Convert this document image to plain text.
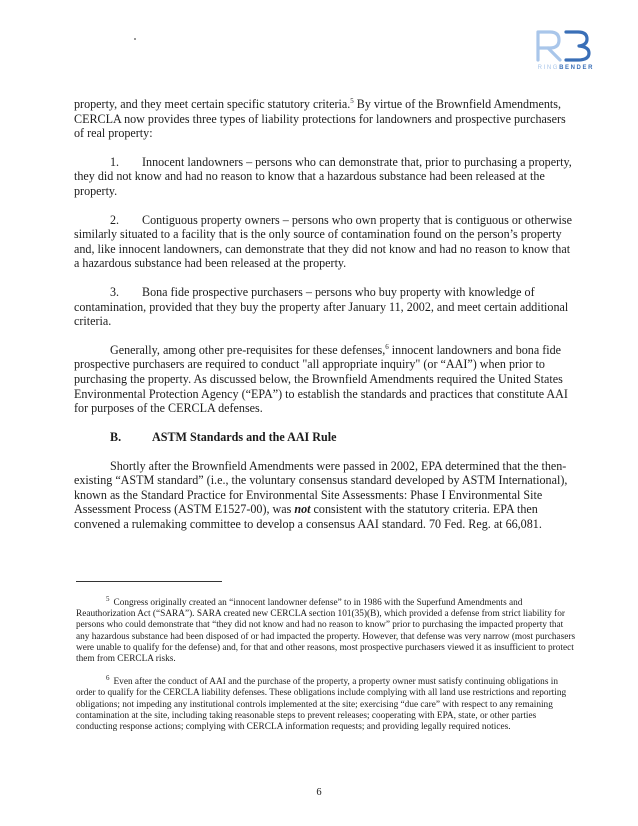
RINGBENDER

property, and they meet certain specific statutory criteria.$^5$ By virtue of the Brownfield Amendments, CERCLA now provides three types of liability protections for landowners and prospective purchasers of real property:

1. Innocent landowners – persons who can demonstrate that, prior to purchasing a property, they did not know and had no reason to know that a hazardous substance had been released at the property.

2. Contiguous property owners – persons who own property that is contiguous or otherwise similarly situated to a facility that is the only source of contamination found on the person’s property and, like innocent landowners, can demonstrate that they did not know and had no reason to know that a hazardous substance had been released at the property.

3. Bona fide prospective purchasers – persons who buy property with knowledge of contamination, provided that they buy the property after January 11, 2002, and meet certain additional criteria.

Generally, among other pre-requisites for these defenses,$^6$ innocent landowners and bona fide prospective purchasers are required to conduct "all appropriate inquiry" (or “AAI”) when prior to purchasing the property. As discussed below, the Brownfield Amendments required the United States Environmental Protection Agency (“EPA”) to establish the standards and practices that constitute AAI for purposes of the CERCLA defenses.

B.	ASTM Standards and the AAI Rule

Shortly after the Brownfield Amendments were passed in 2002, EPA determined that the then-existing “ASTM standard” (i.e., the voluntary consensus standard developed by ASTM International), known as the Standard Practice for Environmental Site Assessments: Phase I Environmental Site Assessment Process (ASTM E1527-00), was not consistent with the statutory criteria. EPA then convened a rulemaking committee to develop a consensus AAI standard. 70 Fed. Reg. at 66,081.

$^5$ Congress originally created an “innocent landowner defense” to in 1986 with the Superfund Amendments and Reauthorization Act (“SARA”). SARA created new CERCLA section 101(35)(B), which provided a defense from strict liability for persons who could demonstrate that “they did not know and had no reason to know” prior to purchasing the impacted property that any hazardous substance had been disposed of or had impacted the property. However, that defense was very narrow (most purchasers were unable to qualify for the defense) and, for that and other reasons, most prospective purchasers viewed it as insufficient to protect them from CERCLA risks.

$^6$ Even after the conduct of AAI and the purchase of the property, a property owner must satisfy continuing obligations in order to qualify for the CERCLA liability defenses. These obligations include complying with all land use restrictions and reporting obligations; not impeding any institutional controls implemented at the site; exercising “due care” with respect to any remaining contamination at the site, including taking reasonable steps to prevent releases; cooperating with EPA, state, or other parties conducting response actions; complying with CERCLA information requests; and providing legally required notices.

6
